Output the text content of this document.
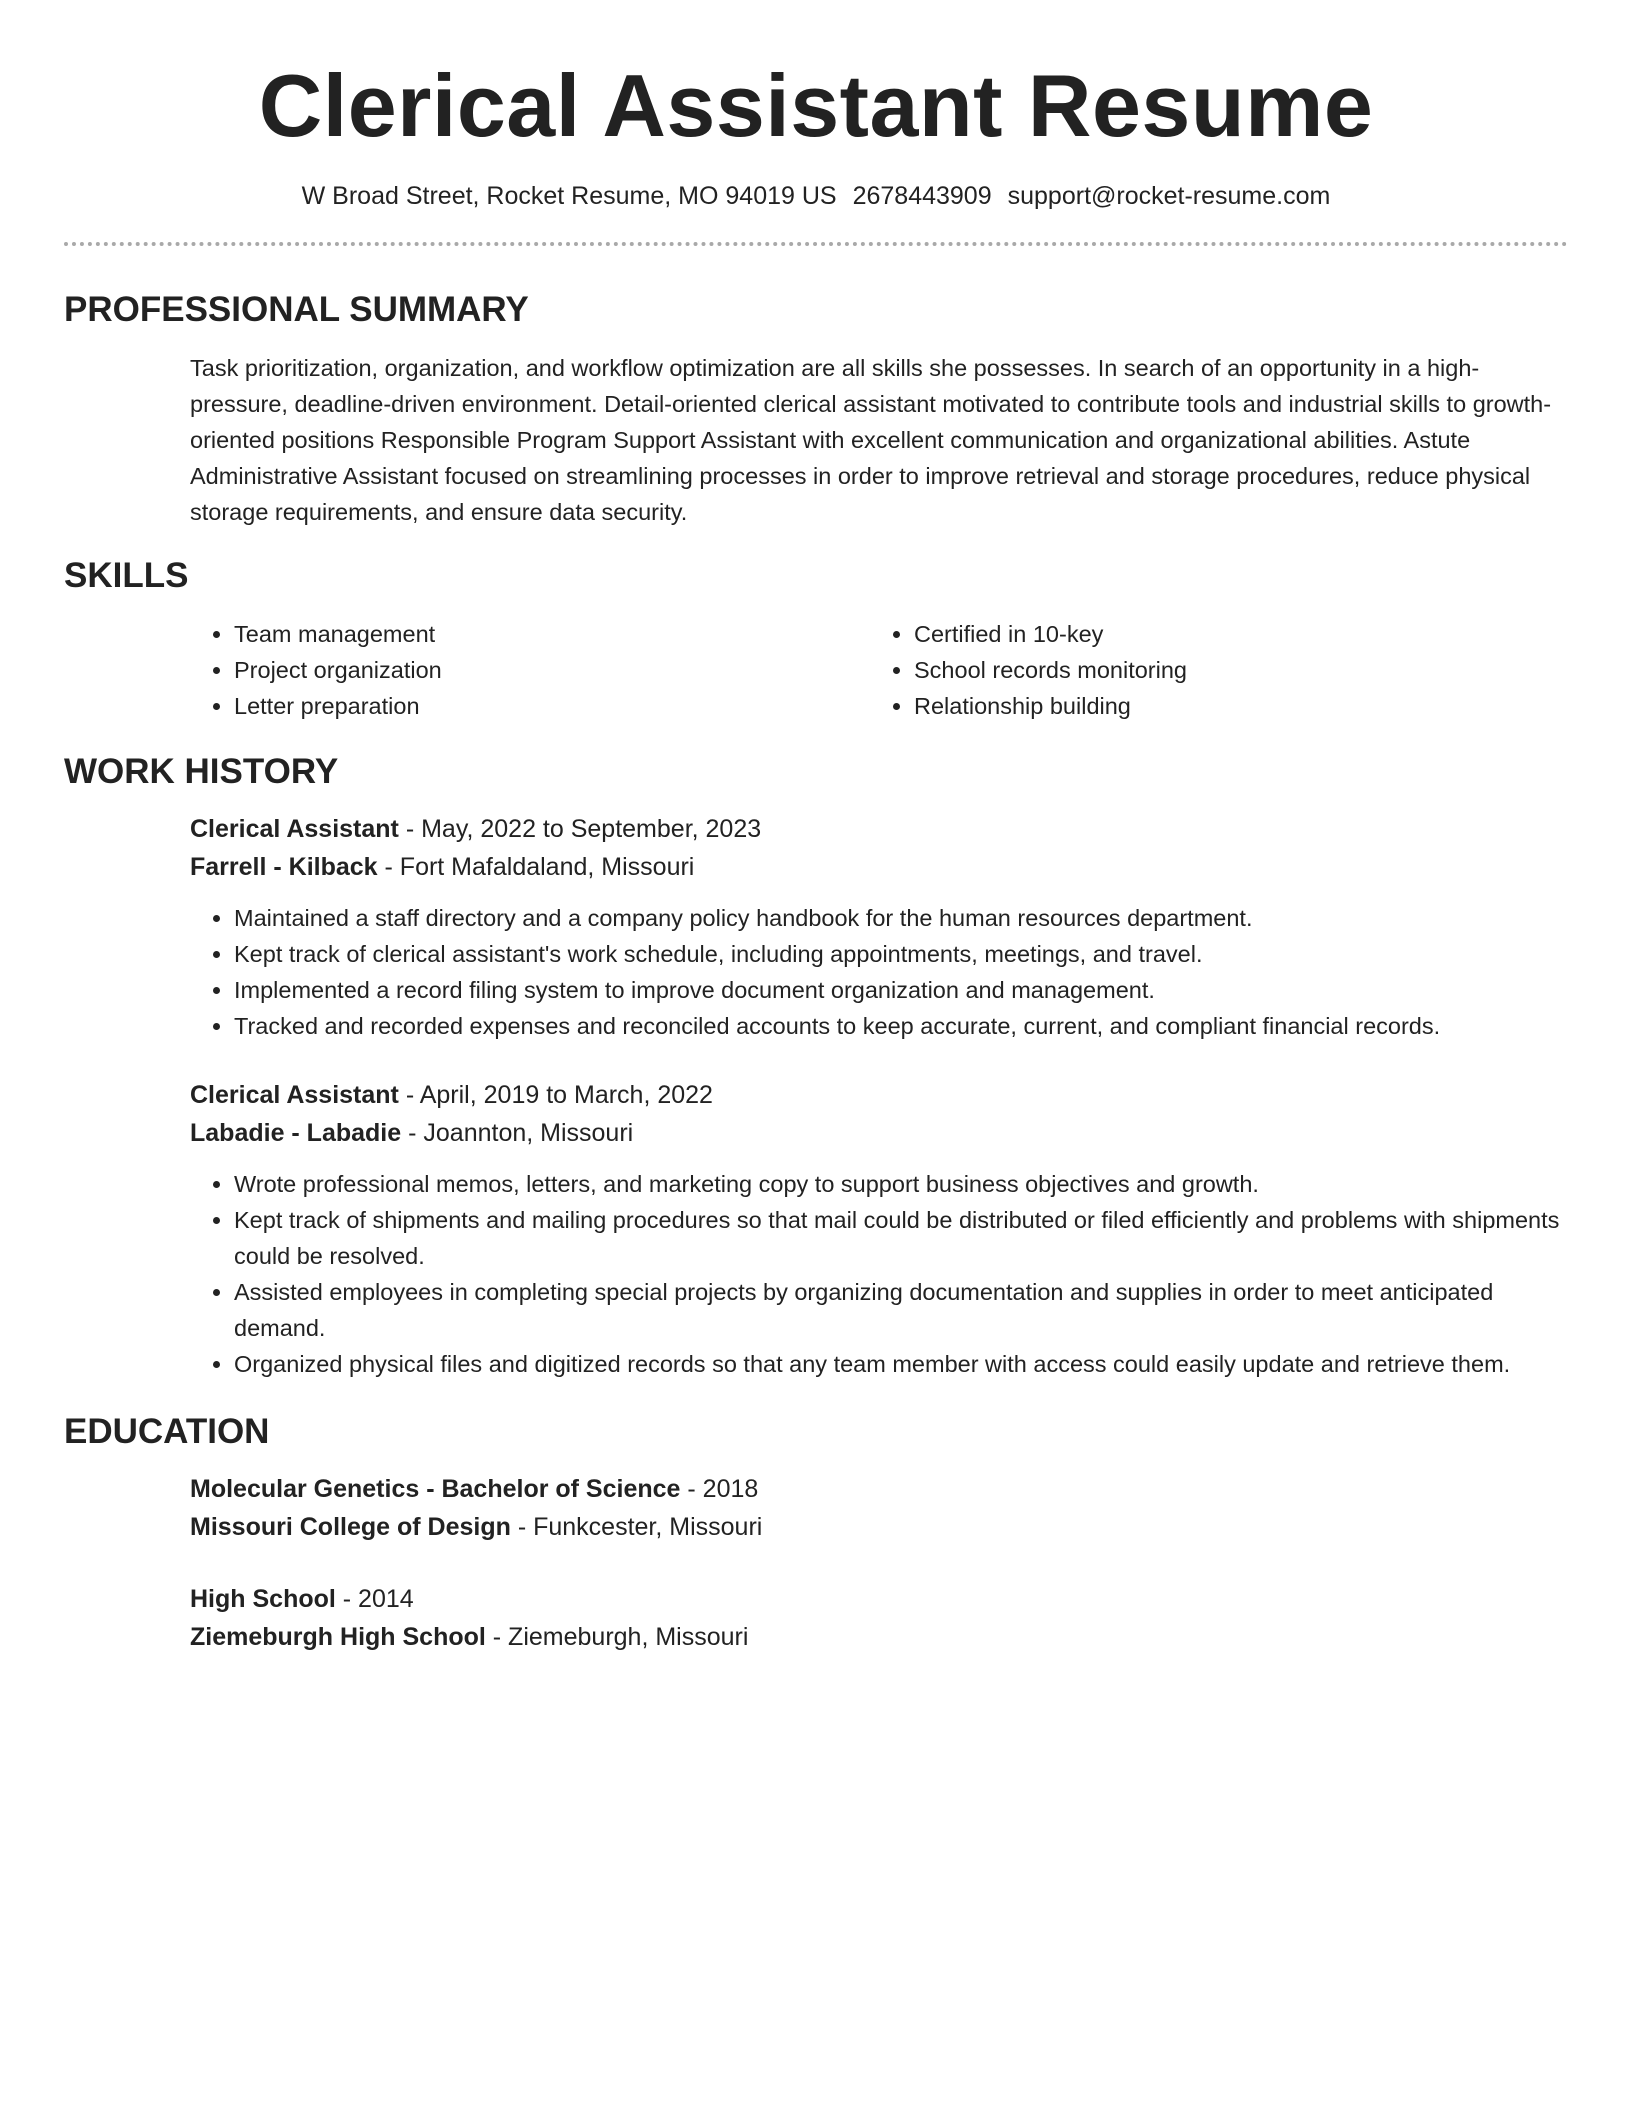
Clerical Assistant Resume
W Broad Street, Rocket Resume, MO 94019 US 2678443909 support@rocket-resume.com
PROFESSIONAL SUMMARY

Task prioritization, organization, and workflow optimization are all skills she possesses. In search of an opportunity in a high-pressure, deadline-driven environment. Detail-oriented clerical assistant motivated to contribute tools and industrial skills to growth-oriented positions Responsible Program Support Assistant with excellent communication and organizational abilities. Astute Administrative Assistant focused on streamlining processes in order to improve retrieval and storage procedures, reduce physical storage requirements, and ensure data security.

SKILLS
• Team management
• Project organization
• Letter preparation
• Certified in 10-key
• School records monitoring
• Relationship building
WORK HISTORY
Clerical Assistant - May, 2022 to September, 2023
Farrell - Kilback - Fort Mafaldaland, Missouri
• Maintained a staff directory and a company policy handbook for the human resources department.
• Kept track of clerical assistant's work schedule, including appointments, meetings, and travel.
• Implemented a record filing system to improve document organization and management.
• Tracked and recorded expenses and reconciled accounts to keep accurate, current, and compliant financial records.
Clerical Assistant - April, 2019 to March, 2022
Labadie - Labadie - Joannton, Missouri
• Wrote professional memos, letters, and marketing copy to support business objectives and growth.
• Kept track of shipments and mailing procedures so that mail could be distributed or filed efficiently and problems with shipments could be resolved.
• Assisted employees in completing special projects by organizing documentation and supplies in order to meet anticipated demand.
• Organized physical files and digitized records so that any team member with access could easily update and retrieve them.
EDUCATION
Molecular Genetics - Bachelor of Science - 2018
Missouri College of Design - Funkcester, Missouri
High School - 2014
Ziemeburgh High School - Ziemeburgh, Missouri
